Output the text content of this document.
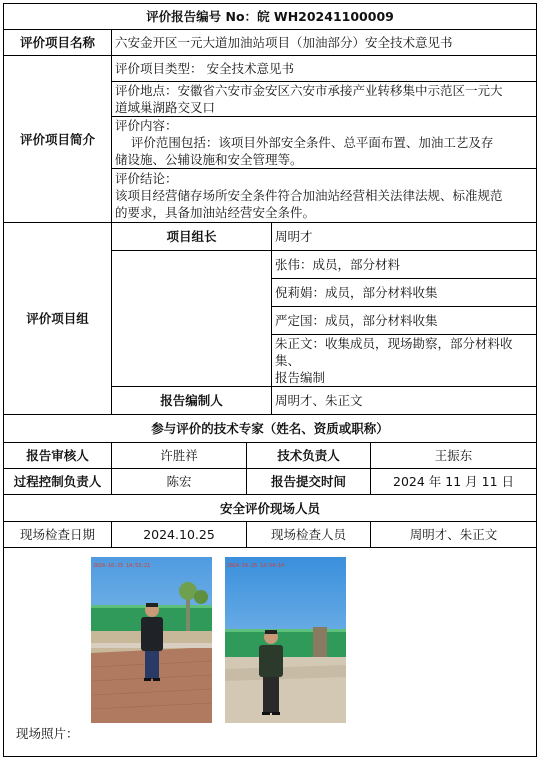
评价报告编号 No：皖 WH20241100009				
评价项目名称	六安金开区一元大道加油站项目（加油部分）安全技术意见书			
评价项目简介	评价项目类型： 安全技术意见书			

	评价地点：安徽省六安市金安区六安市承接产业转移集中示范区一元大
道域巢湖路交叉口			

	评价内容：
评价范围包括：该项目外部安全条件、总平面布置、加油工艺及存
储设施、公辅设施和安全管理等。			

	评价结论：
该项目经营储存场所安全条件符合加油站经营相关法律法规、标准规范
的要求，具备加油站经营安全条件。			

评价项目组	项目组长		周明才	
			张伟：成员，部分材料	
			倪莉娟：成员，部分材料收集	
			严定国：成员，部分材料收集	

			朱正文：收集成员，现场勘察，部分材料收集、
报告编制	

	报告编制人		周明才、朱正文	
参与评价的技术专家（姓名、资质或职称）				
报告审核人	许胜祥	技术负责人		王振东
过程控制负责人	陈宏	报告提交时间		2024 年 11 月 11 日
安全评价现场人员				
现场检查日期	2024.10.25	现场检查人员		周明才、朱正文

现场照片：
2024-10-25 14:53:21 2024-10-25 14:54:14				
